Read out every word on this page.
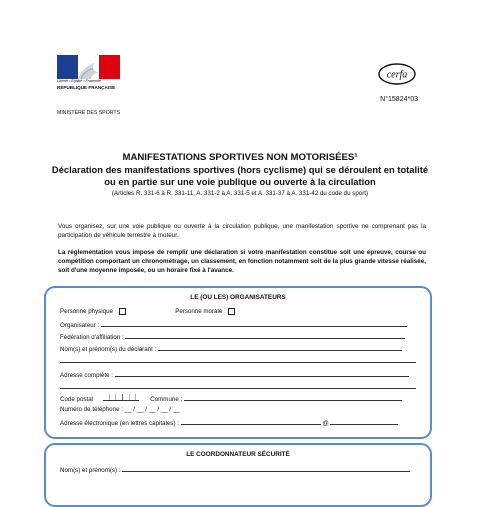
Liberté • Égalité • Fraternité
RÉPUBLIQUE FRANÇAISE
cerfa
N°15824*03
MINISTÈRE DES SPORTS
MANIFESTATIONS SPORTIVES NON MOTORISÉES¹
Déclaration des manifestations sportives (hors cyclisme) qui se déroulent en totalité ou en partie sur une voie publique ou ouverte à la circulation
(Articles R. 331-6 à R. 331-11, A. 331-2 à A. 331-5 et A. 331-37 à A. 331-42 du code du sport)
Vous organisez, sur une voie publique ou ouverte à la circulation publique, une manifestation sportive ne comprenant pas la participation de véhicule terrestre à moteur.
La réglementation vous impose de remplir une déclaration si votre manifestation constitue soit une épreuve, course ou compétition comportant un chronométrage, un classement, en fonction notamment soit de la plus grande vitesse réalisée, soit d'une moyenne imposée, ou un horaire fixé à l'avance.
LE (OU LES) ORGANISATEURS
Personne physique	Personne morale
Organisateur :
Fédération d'affiliation :
Nom(s) et prénom(s) du déclarant :
Adresse complète :
Code postal	Commune :
Numéro de téléphone : __ / __ / __ / __ / __
Adresse électronique (en lettres capitales) :	@
LE COORDONNATEUR SÉCURITÉ
Nom(s) et prénom(s) :
